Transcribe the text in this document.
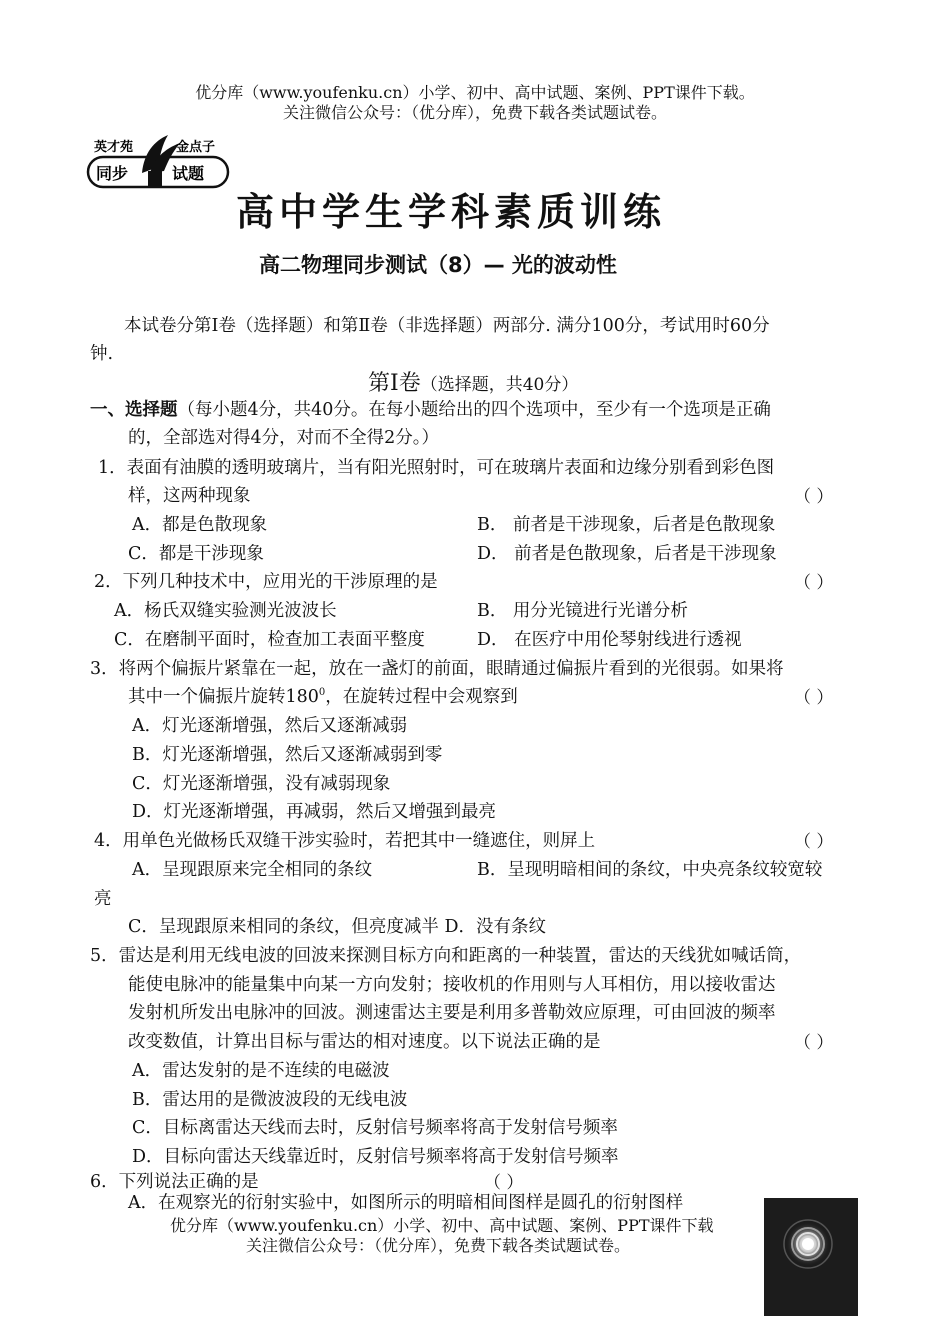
优分库（www.youfenku.cn）小学、初中、高中试题、案例、PPT课件下载。
关注微信公众号：（优分库），免费下载各类试题试卷。
英才苑	金点子
同步	试题
高中学生学科素质训练
高二物理同步测试（8）— 光的波动性
本试卷分第Ⅰ卷（选择题）和第Ⅱ卷（非选择题）两部分. 满分100分，考试用时60分
钟.
第Ⅰ卷（选择题，共40分）
一、选择题（每小题4分，共40分。在每小题给出的四个选项中，至少有一个选项是正确
的，全部选对得4分，对而不全得2分。）
1．表面有油膜的透明玻璃片，当有阳光照射时，可在玻璃片表面和边缘分别看到彩色图
样，这两种现象	（ ）
A．都是色散现象	B． 前者是干涉现象，后者是色散现象
C．都是干涉现象	D． 前者是色散现象，后者是干涉现象
2．下列几种技术中，应用光的干涉原理的是	（ ）
A．杨氏双缝实验测光波波长	B． 用分光镜进行光谱分析
C．在磨制平面时，检查加工表面平整度	D． 在医疗中用伦琴射线进行透视
3．将两个偏振片紧靠在一起，放在一盏灯的前面，眼睛通过偏振片看到的光很弱。如果将
其中一个偏振片旋转$180^0$，在旋转过程中会观察到	（ ）
A．灯光逐渐增强，然后又逐渐减弱
B．灯光逐渐增强，然后又逐渐减弱到零
C．灯光逐渐增强，没有减弱现象
D．灯光逐渐增强，再减弱，然后又增强到最亮
4．用单色光做杨氏双缝干涉实验时，若把其中一缝遮住，则屏上	（ ）
A．呈现跟原来完全相同的条纹	B．呈现明暗相间的条纹，中央亮条纹较宽较
亮
C．呈现跟原来相同的条纹，但亮度减半 D．没有条纹
5．雷达是利用无线电波的回波来探测目标方向和距离的一种装置，雷达的天线犹如喊话筒，
能使电脉冲的能量集中向某一方向发射；接收机的作用则与人耳相仿，用以接收雷达
发射机所发出电脉冲的回波。测速雷达主要是利用多普勒效应原理，可由回波的频率
改变数值，计算出目标与雷达的相对速度。以下说法正确的是	（ ）
A．雷达发射的是不连续的电磁波
B．雷达用的是微波波段的无线电波
C．目标离雷达天线而去时，反射信号频率将高于发射信号频率
D．目标向雷达天线靠近时，反射信号频率将高于发射信号频率
6．下列说法正确的是	（ ）
A．在观察光的衍射实验中，如图所示的明暗相间图样是圆孔的衍射图样
优分库（www.youfenku.cn）小学、初中、高中试题、案例、PPT课件下载
关注微信公众号：（优分库），免费下载各类试题试卷。
